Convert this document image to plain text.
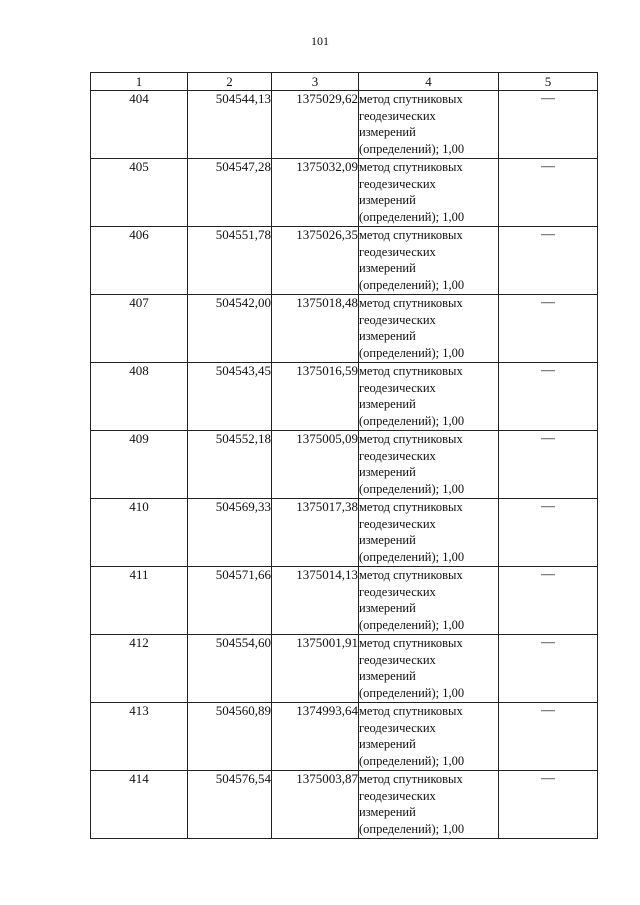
101
1	2	3	4	5
404	504544,13	1375029,62	метод спутниковых
геодезических
измерений
(определений); 1,00	—
405	504547,28	1375032,09	метод спутниковых
геодезических
измерений
(определений); 1,00	—
406	504551,78	1375026,35	метод спутниковых
геодезических
измерений
(определений); 1,00	—
407	504542,00	1375018,48	метод спутниковых
геодезических
измерений
(определений); 1,00	—
408	504543,45	1375016,59	метод спутниковых
геодезических
измерений
(определений); 1,00	—
409	504552,18	1375005,09	метод спутниковых
геодезических
измерений
(определений); 1,00	—
410	504569,33	1375017,38	метод спутниковых
геодезических
измерений
(определений); 1,00	—
411	504571,66	1375014,13	метод спутниковых
геодезических
измерений
(определений); 1,00	—
412	504554,60	1375001,91	метод спутниковых
геодезических
измерений
(определений); 1,00	—
413	504560,89	1374993,64	метод спутниковых
геодезических
измерений
(определений); 1,00	—
414	504576,54	1375003,87	метод спутниковых
геодезических
измерений
(определений); 1,00	—
